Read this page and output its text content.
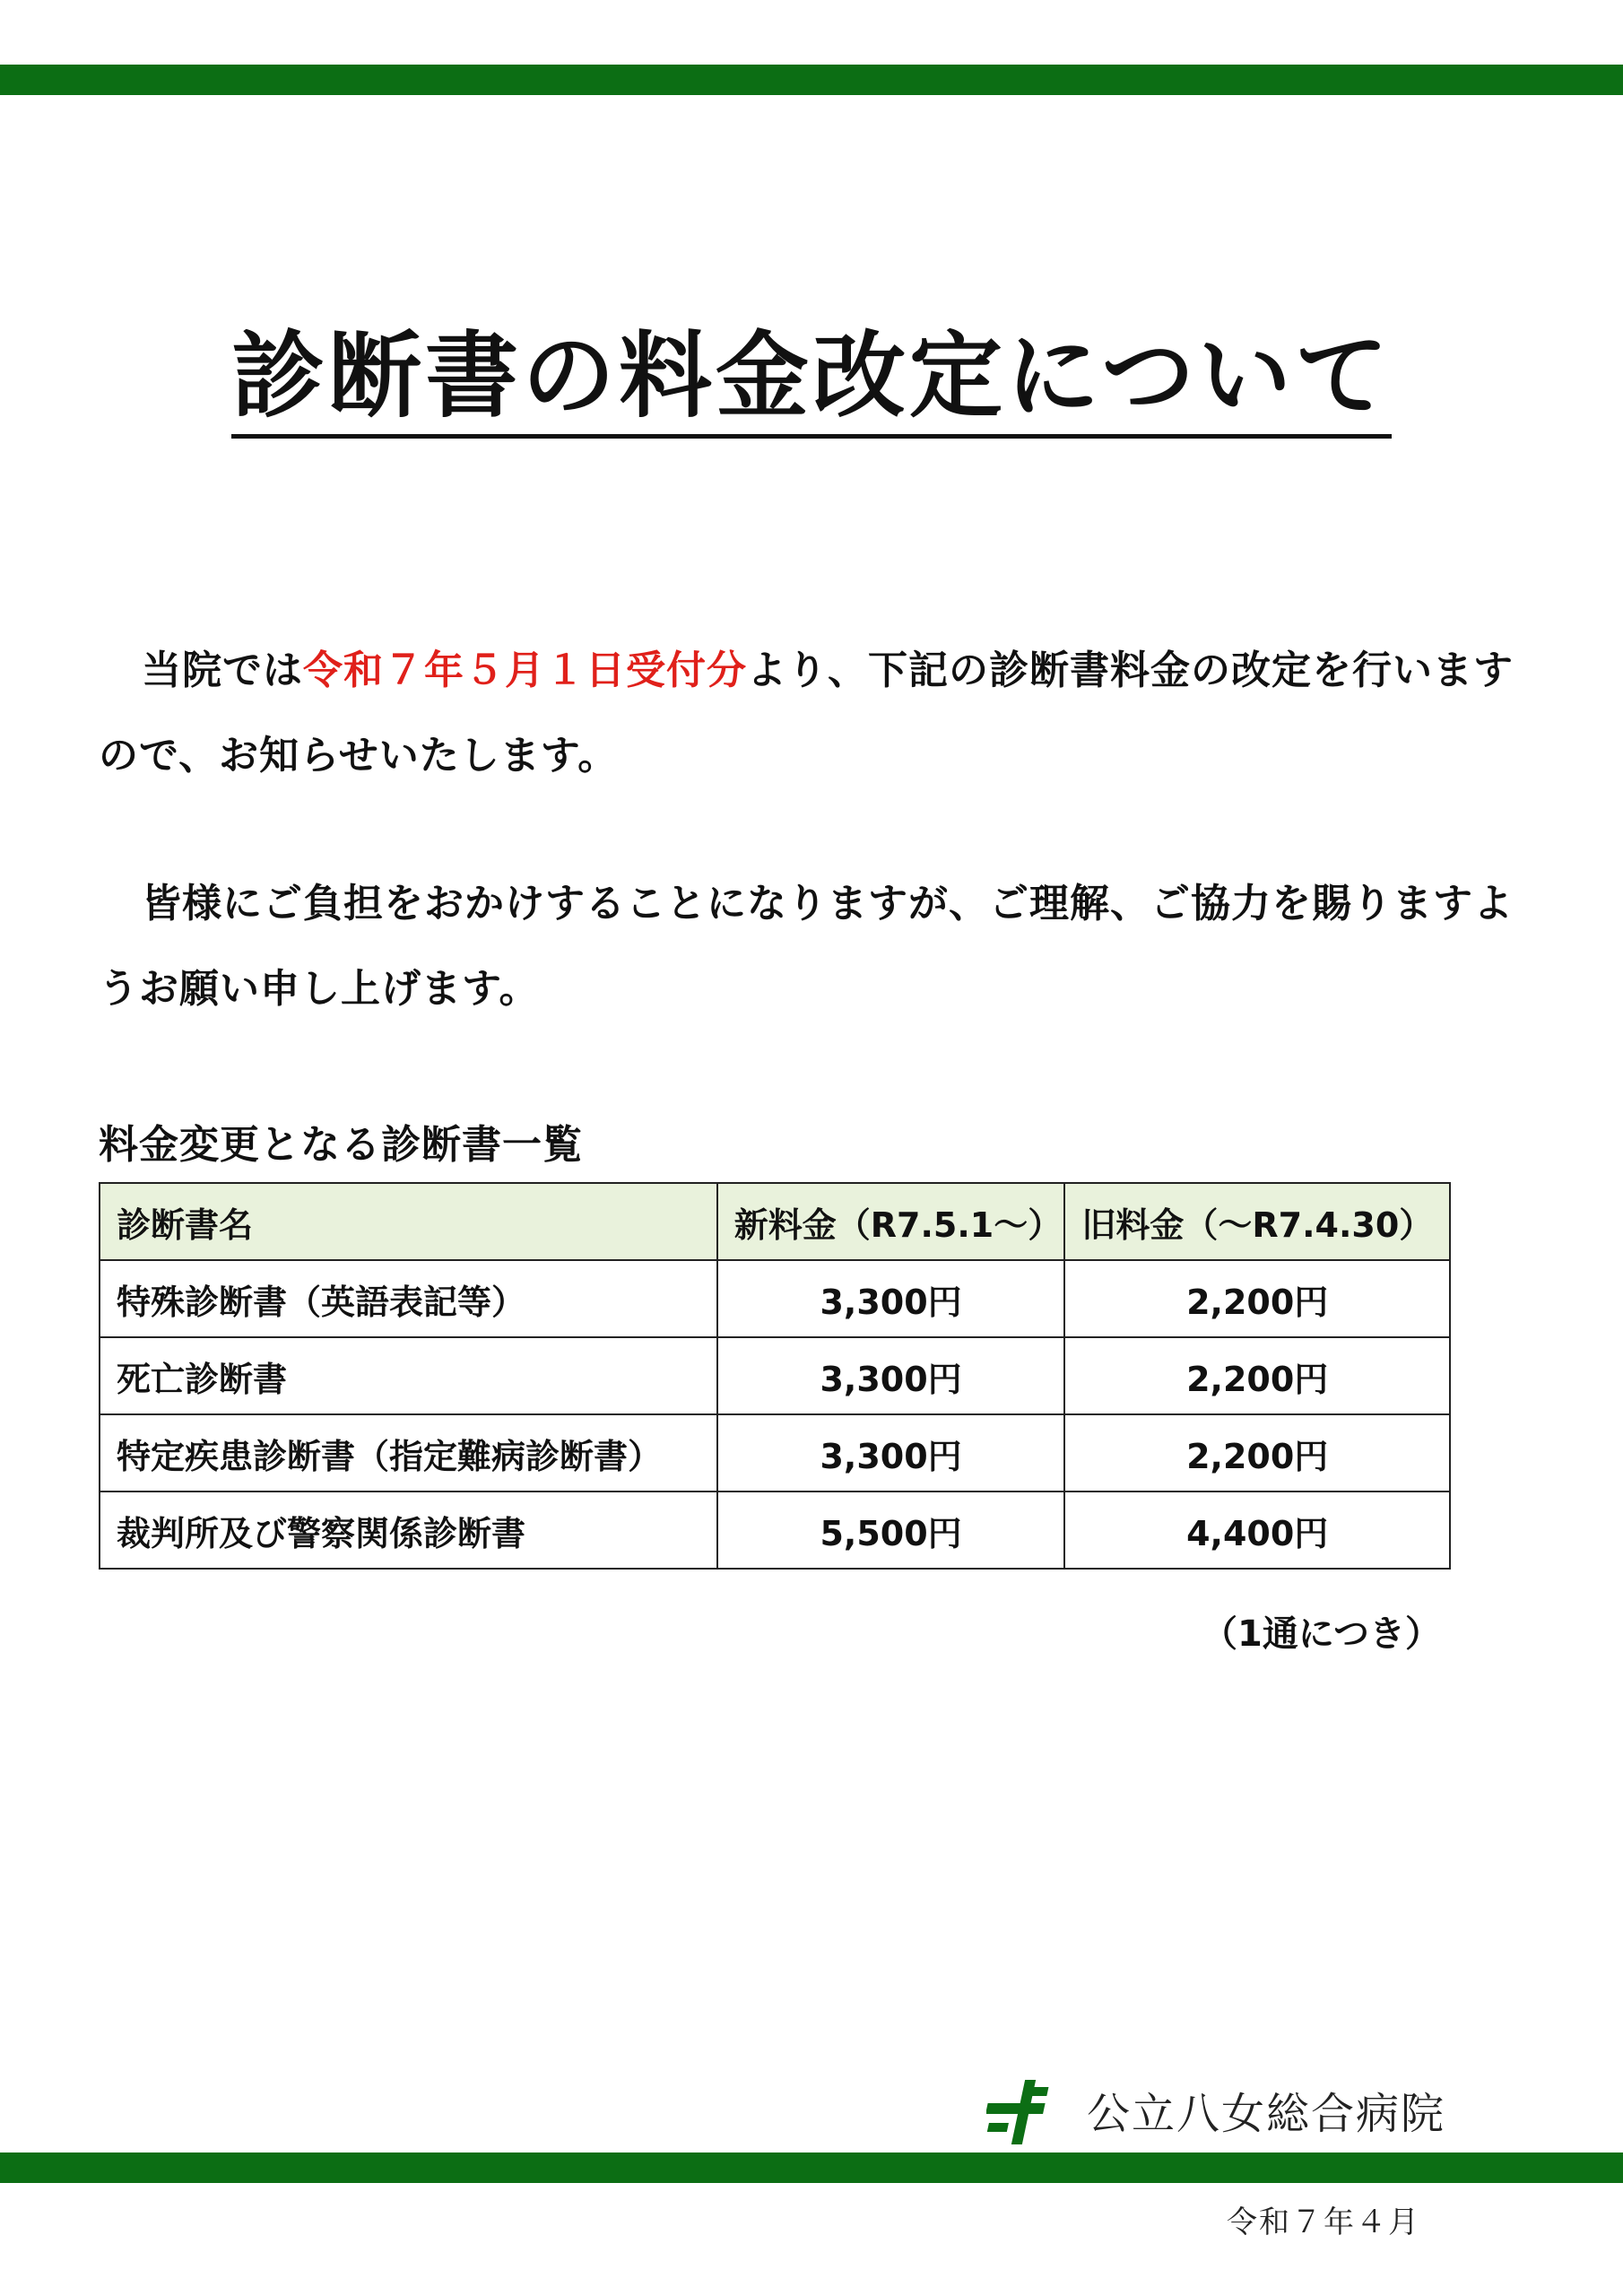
診断書の料金改定について
当院では令和７年５月１日受付分より、下記の診断書料金の改定を行いますので、お知らせいたします。
皆様にご負担をおかけすることになりますが、ご理解、ご協力を賜りますようお願い申し上げます。
料金変更となる診断書一覧
診断書名	新料金（R7.5.1～）	旧料金（～R7.4.30）
特殊診断書（英語表記等）	3,300円	2,200円
死亡診断書	3,300円	2,200円
特定疾患診断書（指定難病診断書）	3,300円	2,200円
裁判所及び警察関係診断書	5,500円	4,400円
（1通につき）
公立八女総合病院
令和７年４月
